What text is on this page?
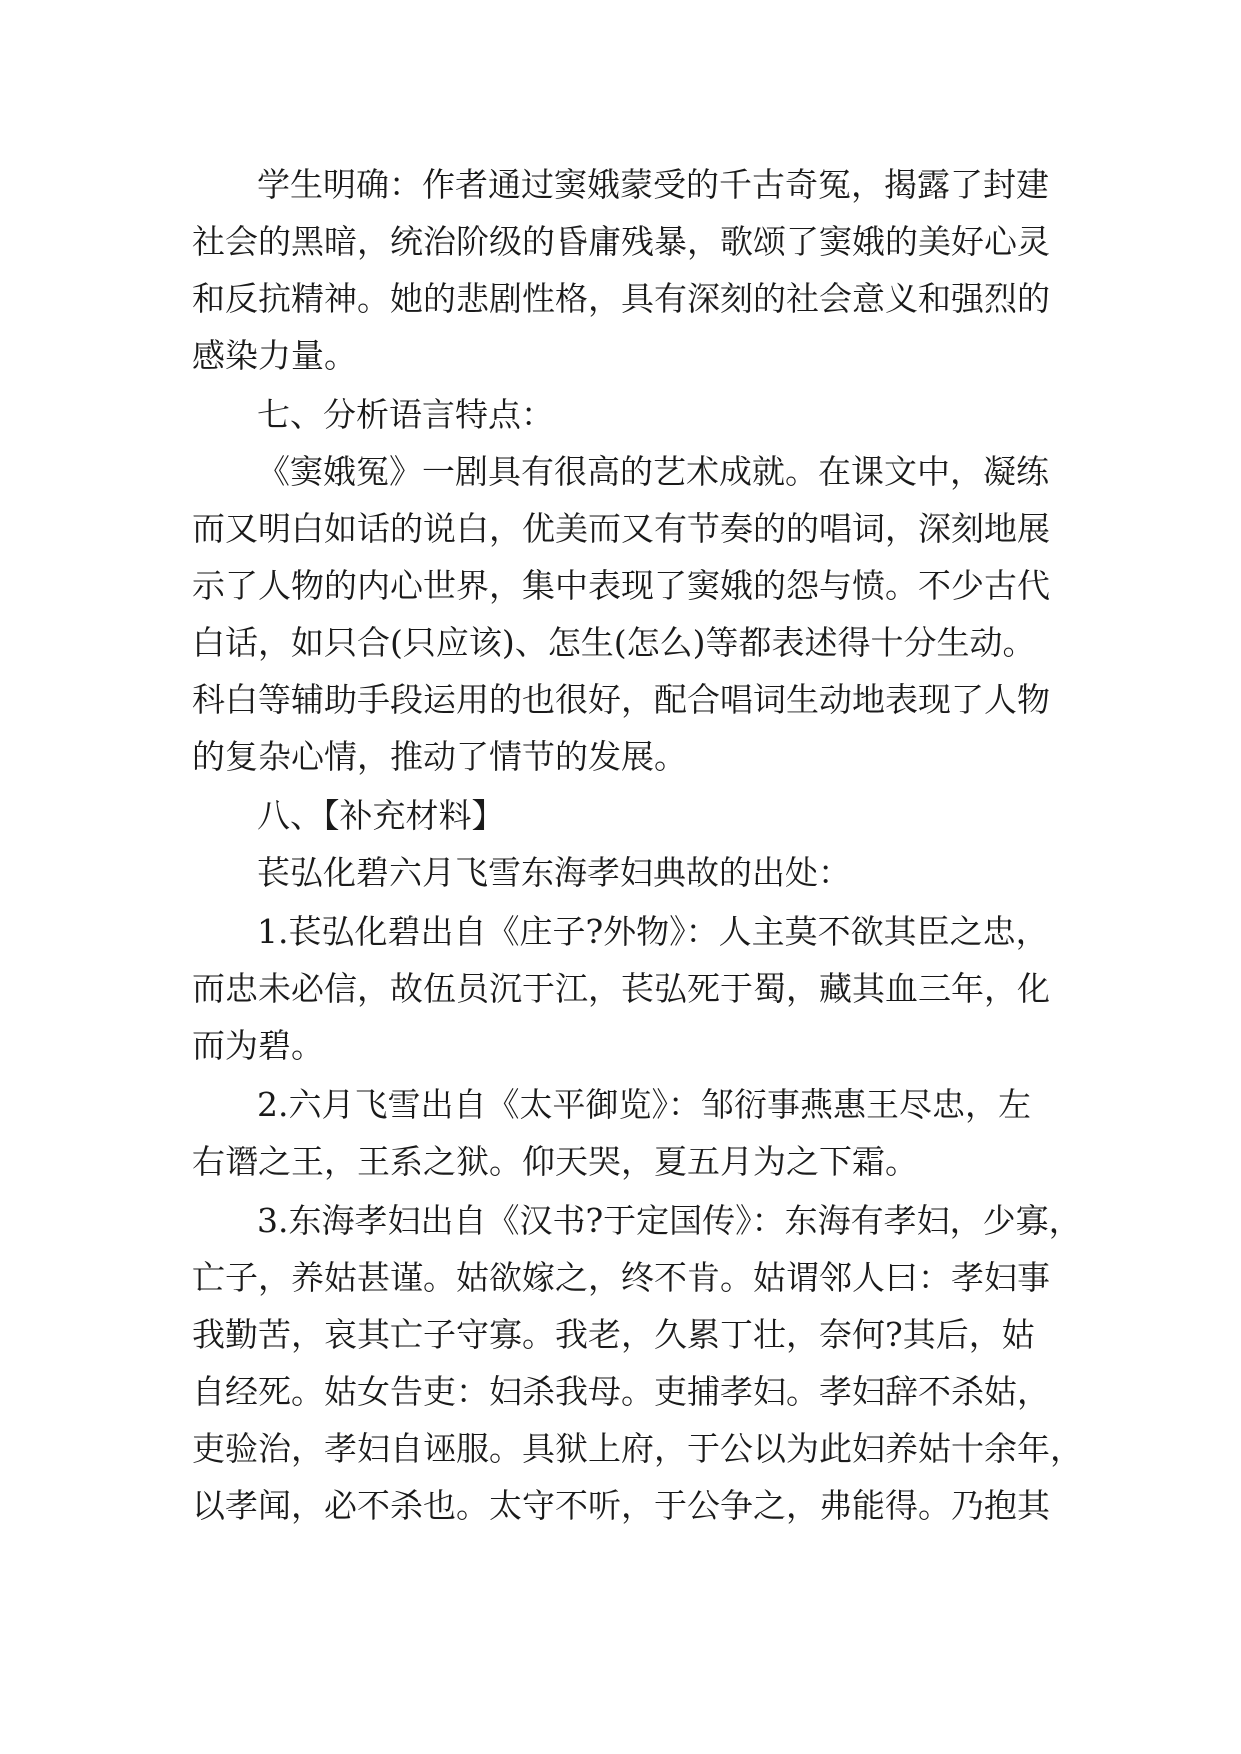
学生明确：作者通过窦娥蒙受的千古奇冤，揭露了封建
社会的黑暗，统治阶级的昏庸残暴，歌颂了窦娥的美好心灵
和反抗精神。她的悲剧性格，具有深刻的社会意义和强烈的
感染力量。
七、分析语言特点：
《窦娥冤》一剧具有很高的艺术成就。在课文中，凝练
而又明白如话的说白，优美而又有节奏的的唱词，深刻地展
示了人物的内心世界，集中表现了窦娥的怨与愤。不少古代
白话，如只合(只应该)、怎生(怎么)等都表述得十分生动。
科白等辅助手段运用的也很好，配合唱词生动地表现了人物
的复杂心情，推动了情节的发展。
八、【补充材料】
苌弘化碧六月飞雪东海孝妇典故的出处：
1.苌弘化碧出自《庄子?外物》：人主莫不欲其臣之忠，
而忠未必信，故伍员沉于江，苌弘死于蜀，藏其血三年，化
而为碧。
2.六月飞雪出自《太平御览》：邹衍事燕惠王尽忠，左
右谮之王，王系之狱。仰天哭，夏五月为之下霜。
3.东海孝妇出自《汉书?于定国传》：东海有孝妇，少寡，
亡子，养姑甚谨。姑欲嫁之，终不肯。姑谓邻人曰：孝妇事
我勤苦，哀其亡子守寡。我老，久累丁壮，奈何?其后，姑
自经死。姑女告吏：妇杀我母。吏捕孝妇。孝妇辞不杀姑，
吏验治，孝妇自诬服。具狱上府，于公以为此妇养姑十余年，
以孝闻，必不杀也。太守不听，于公争之，弗能得。乃抱其
